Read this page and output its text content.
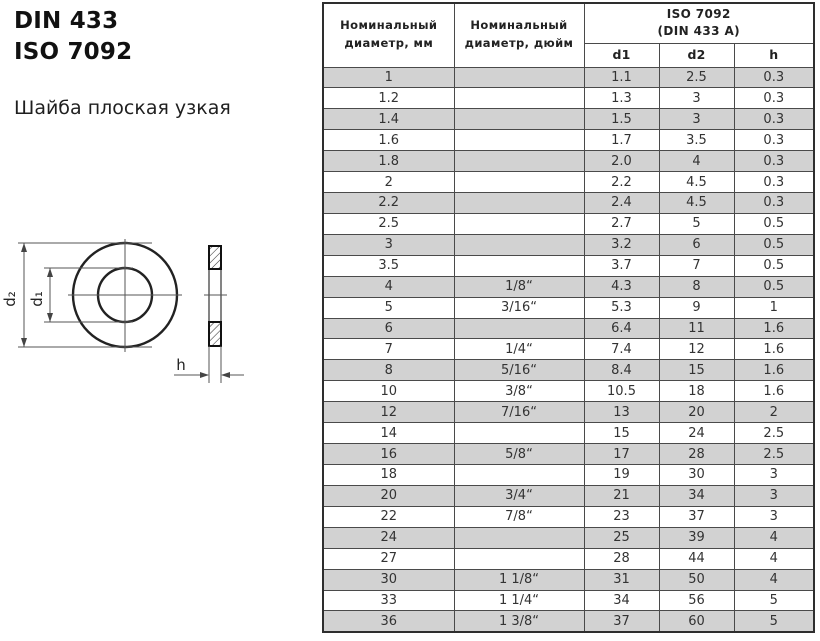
DIN 433
ISO 7092
Шайба плоская узкая
d₂ d₁
h
Номинальный диаметр, мм	Номинальный диаметр, дюйм	ISO 7092
(DIN 433 A)		

		d1	d2	h
1		1.1	2.5	0.3
1.2		1.3	3	0.3
1.4		1.5	3	0.3
1.6		1.7	3.5	0.3
1.8		2.0	4	0.3
2		2.2	4.5	0.3
2.2		2.4	4.5	0.3
2.5		2.7	5	0.5
3		3.2	6	0.5
3.5		3.7	7	0.5
4	1/8“	4.3	8	0.5
5	3/16“	5.3	9	1
6		6.4	11	1.6
7	1/4“	7.4	12	1.6
8	5/16“	8.4	15	1.6
10	3/8“	10.5	18	1.6
12	7/16“	13	20	2
14		15	24	2.5
16	5/8“	17	28	2.5
18		19	30	3
20	3/4“	21	34	3
22	7/8“	23	37	3
24		25	39	4
27		28	44	4
30	1 1/8“	31	50	4
33	1 1/4“	34	56	5
36	1 3/8“	37	60	5
